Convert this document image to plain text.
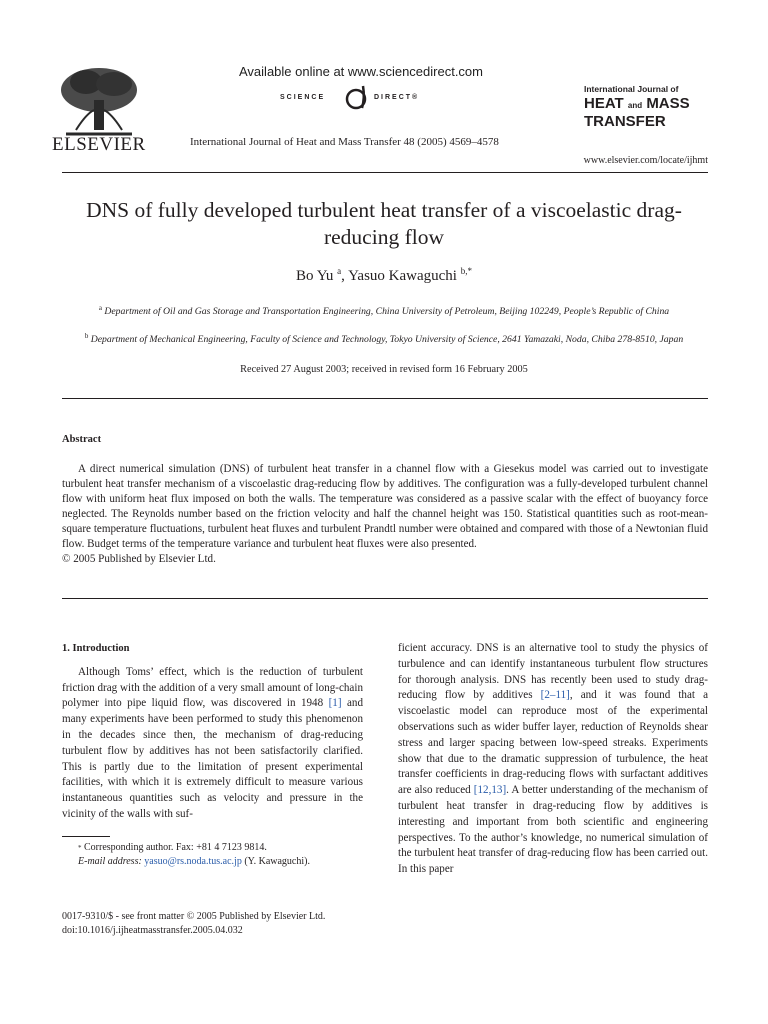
ELSEVIER
Available online at www.sciencedirect.com
SCIENCE	DIRECT®
International Journal of Heat and Mass Transfer 48 (2005) 4569–4578
International Journal of
HEAT and MASS
TRANSFER
www.elsevier.com/locate/ijhmt
DNS of fully developed turbulent heat transfer of a viscoelastic drag-reducing flow
Bo Yu $^a$, Yasuo Kawaguchi $^{b,*}$
$^a$ Department of Oil and Gas Storage and Transportation Engineering, China University of Petroleum, Beijing 102249, People’s Republic of China
$^b$ Department of Mechanical Engineering, Faculty of Science and Technology, Tokyo University of Science, 2641 Yamazaki, Noda, Chiba 278-8510, Japan
Received 27 August 2003; received in revised form 16 February 2005
Abstract

A direct numerical simulation (DNS) of turbulent heat transfer in a channel flow with a Giesekus model was carried out to investigate turbulent heat transfer mechanism of a viscoelastic drag-reducing flow by additives. The configuration was a fully-developed turbulent channel flow with uniform heat flux imposed on both the walls. The temperature was considered as a passive scalar with the effect of buoyancy force neglected. The Reynolds number based on the friction velocity and half the channel height was 150. Statistical quantities such as root-mean-square temperature fluctuations, turbulent heat fluxes and turbulent Prandtl number were obtained and compared with those of a Newtonian fluid flow. Budget terms of the temperature variance and turbulent heat fluxes were also presented.

© 2005 Published by Elsevier Ltd.

1. Introduction

Although Toms’ effect, which is the reduction of turbulent friction drag with the addition of a very small amount of long-chain polymer into pipe liquid flow, was discovered in 1948 [1] and many experiments have been performed to study this phenomenon in the decades since then, the mechanism of drag-reducing turbulent flow by additives has not been satisfactorily clarified. This is partly due to the limitation of present experimental facilities, with which it is extremely difficult to measure various instantaneous quantities such as velocity and pressure in the vicinity of the walls with suf-

ficient accuracy. DNS is an alternative tool to study the physics of turbulence and can identify instantaneous turbulent flow structures for thorough analysis. DNS has recently been used to study drag-reducing flow by additives [2–11], and it was found that a viscoelastic model can reproduce most of the experimental observations such as wider buffer layer, reduction of Reynolds shear stress and larger spacing between low-speed streaks. Experiments show that due to the dramatic suppression of turbulence, the heat transfer coefficients in drag-reducing flows with surfactant additives are also reduced [12,13]. A better understanding of the mechanism of turbulent heat transfer in drag-reducing flow by additives is interesting and important from both scientific and engineering perspectives. To the author’s knowledge, no numerical simulation of the turbulent heat transfer of drag-reducing flow has been carried out. In this paper

* Corresponding author. Fax: +81 4 7123 9814.
E-mail address: yasuo@rs.noda.tus.ac.jp (Y. Kawaguchi).
0017-9310/$ - see front matter © 2005 Published by Elsevier Ltd.
doi:10.1016/j.ijheatmasstransfer.2005.04.032
